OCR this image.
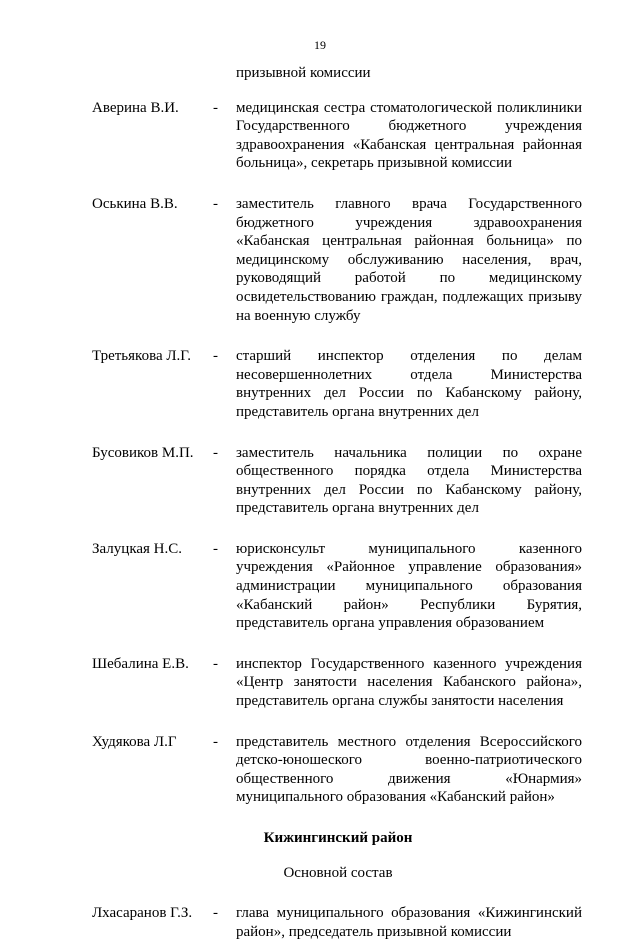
19
призывной комиссии
Аверина В.И. - медицинская сестра стоматологической поликлиники Государственного бюджетного учреждения здравоохранения «Кабанская центральная районная больница», секретарь призывной комиссии
Оськина В.В. - заместитель главного врача Государственного бюджетного учреждения здравоохранения «Кабанская центральная районная больница» по медицинскому обслуживанию населения, врач, руководящий работой по медицинскому освидетельствованию граждан, подлежащих призыву на военную службу
Третьякова Л.Г. - старший инспектор отделения по делам несовершеннолетних отдела Министерства внутренних дел России по Кабанскому району, представитель органа внутренних дел
Бусовиков М.П. - заместитель начальника полиции по охране общественного порядка отдела Министерства внутренних дел России по Кабанскому району, представитель органа внутренних дел
Залуцкая Н.С. - юрисконсульт муниципального казенного учреждения «Районное управление образования» администрации муниципального образования «Кабанский район» Республики Бурятия, представитель органа управления образованием
Шебалина Е.В. - инспектор Государственного казенного учреждения «Центр занятости населения Кабанского района», представитель органа службы занятости населения
Худякова Л.Г - представитель местного отделения Всероссийского детско-юношеского военно-патриотического общественного движения «Юнармия» муниципального образования «Кабанский район»
Кижингинский район
Основной состав
Лхасаранов Г.З. - глава муниципального образования «Кижингинский район», председатель призывной комиссии
